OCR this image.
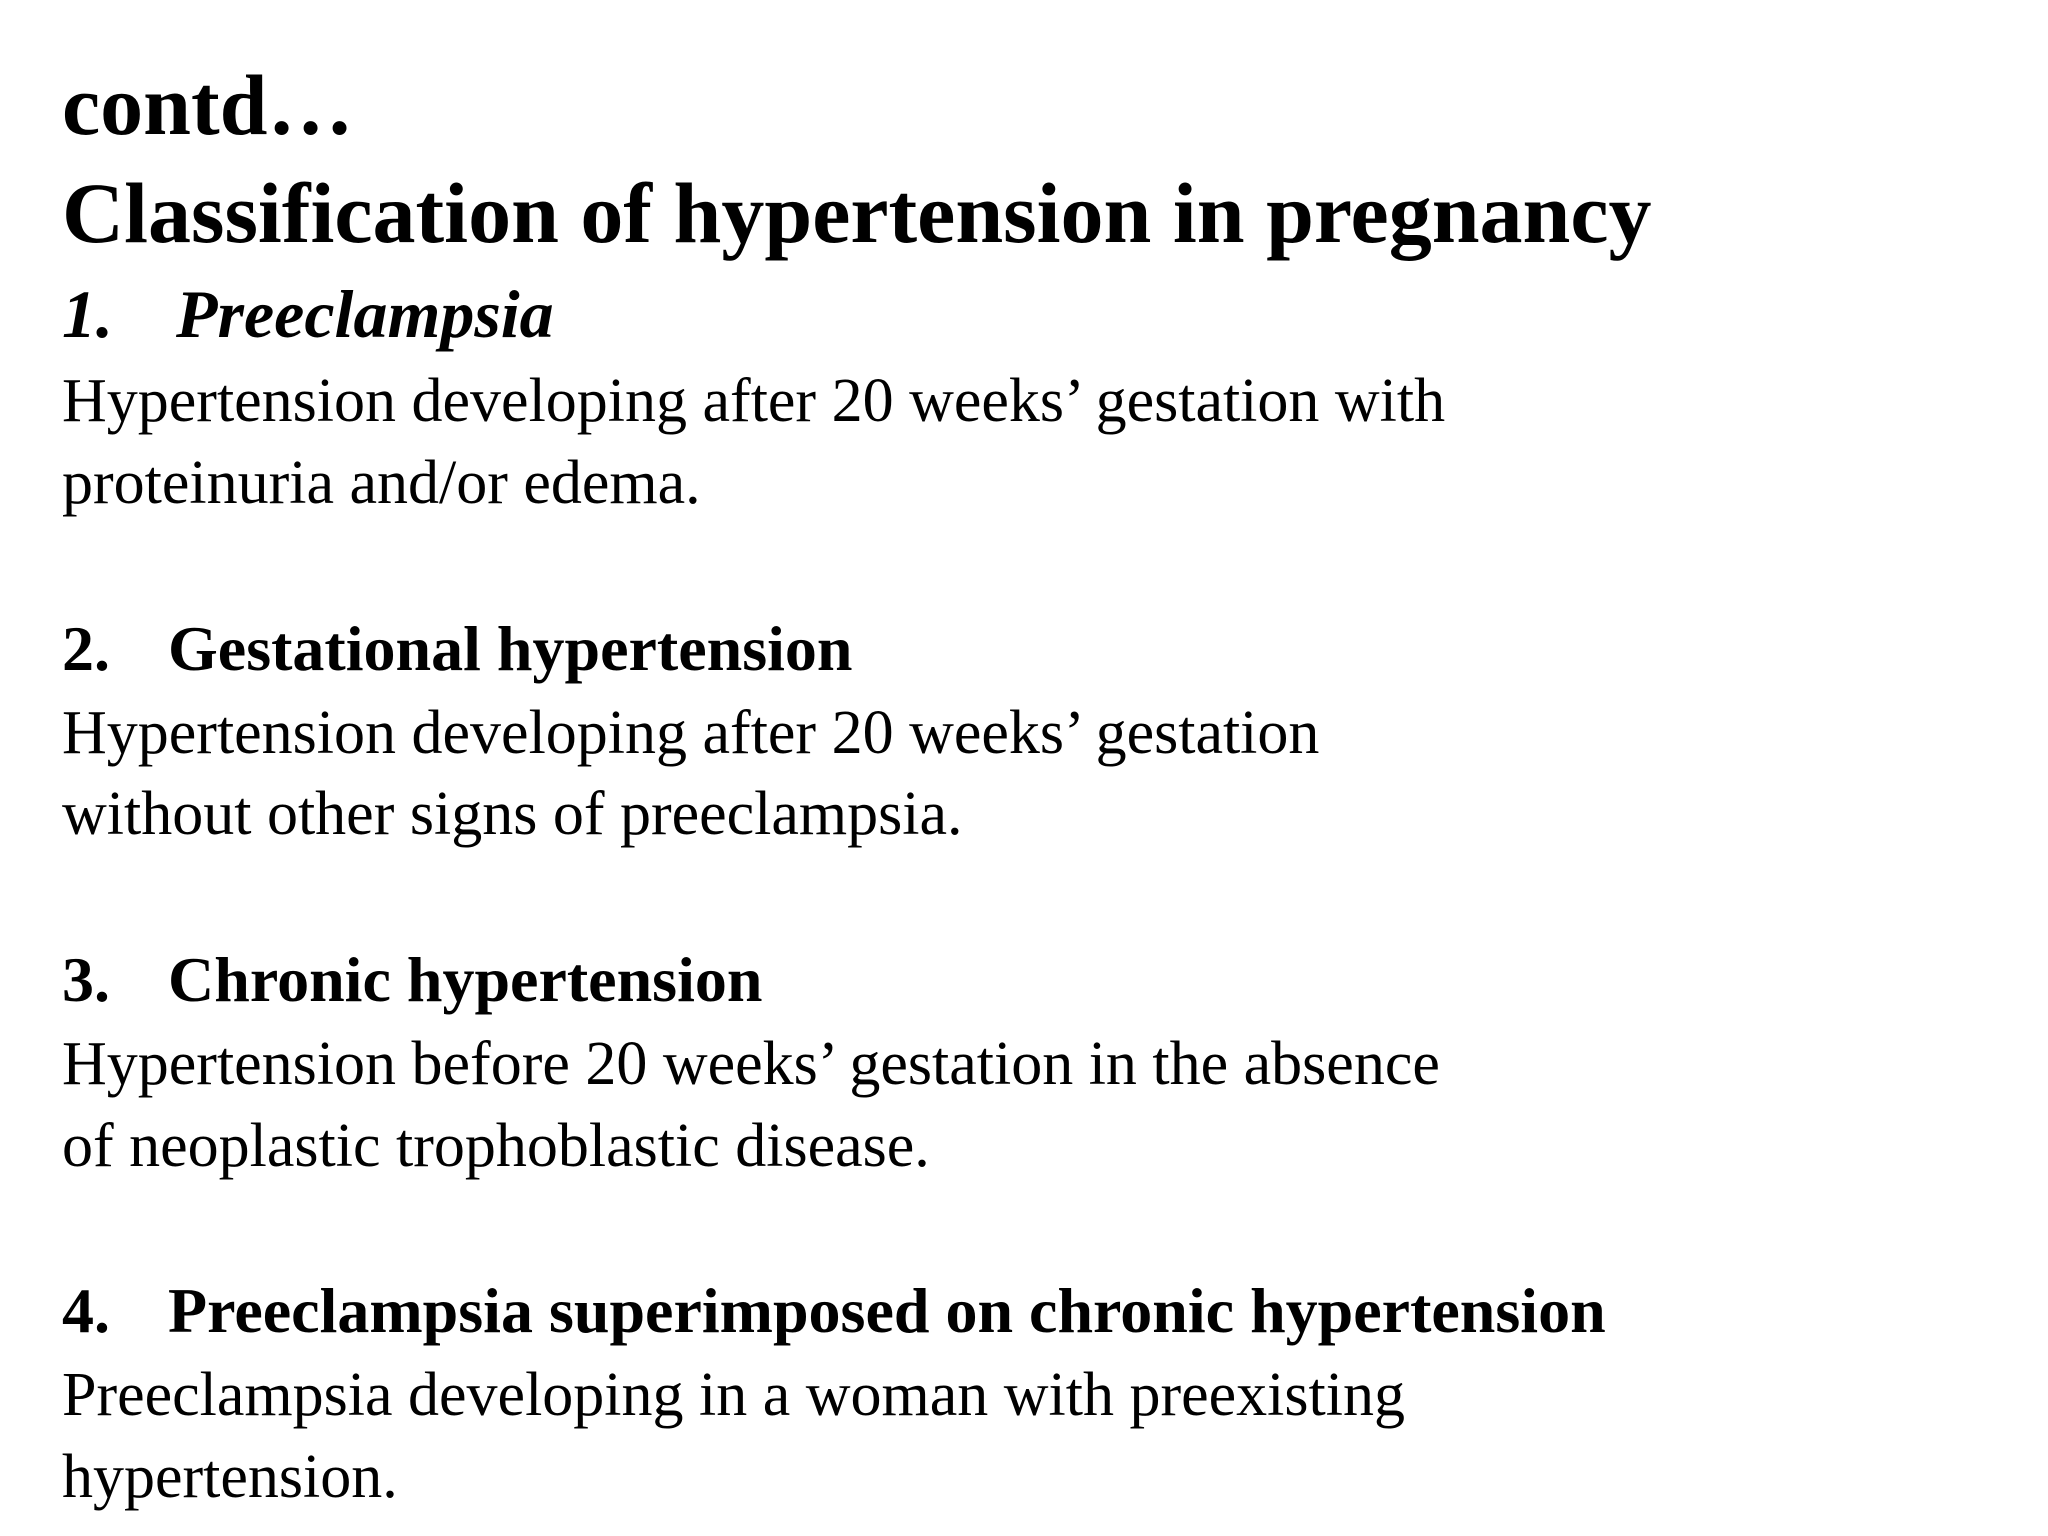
contd…
Classification of hypertension in pregnancy
1. Preeclampsia
Hypertension developing after 20 weeks’ gestation with
proteinuria and/or edema.
2. Gestational hypertension
Hypertension developing after 20 weeks’ gestation
without other signs of preeclampsia.
3. Chronic hypertension
Hypertension before 20 weeks’ gestation in the absence
of neoplastic trophoblastic disease.
4. Preeclampsia superimposed on chronic hypertension
Preeclampsia developing in a woman with preexisting
hypertension.
